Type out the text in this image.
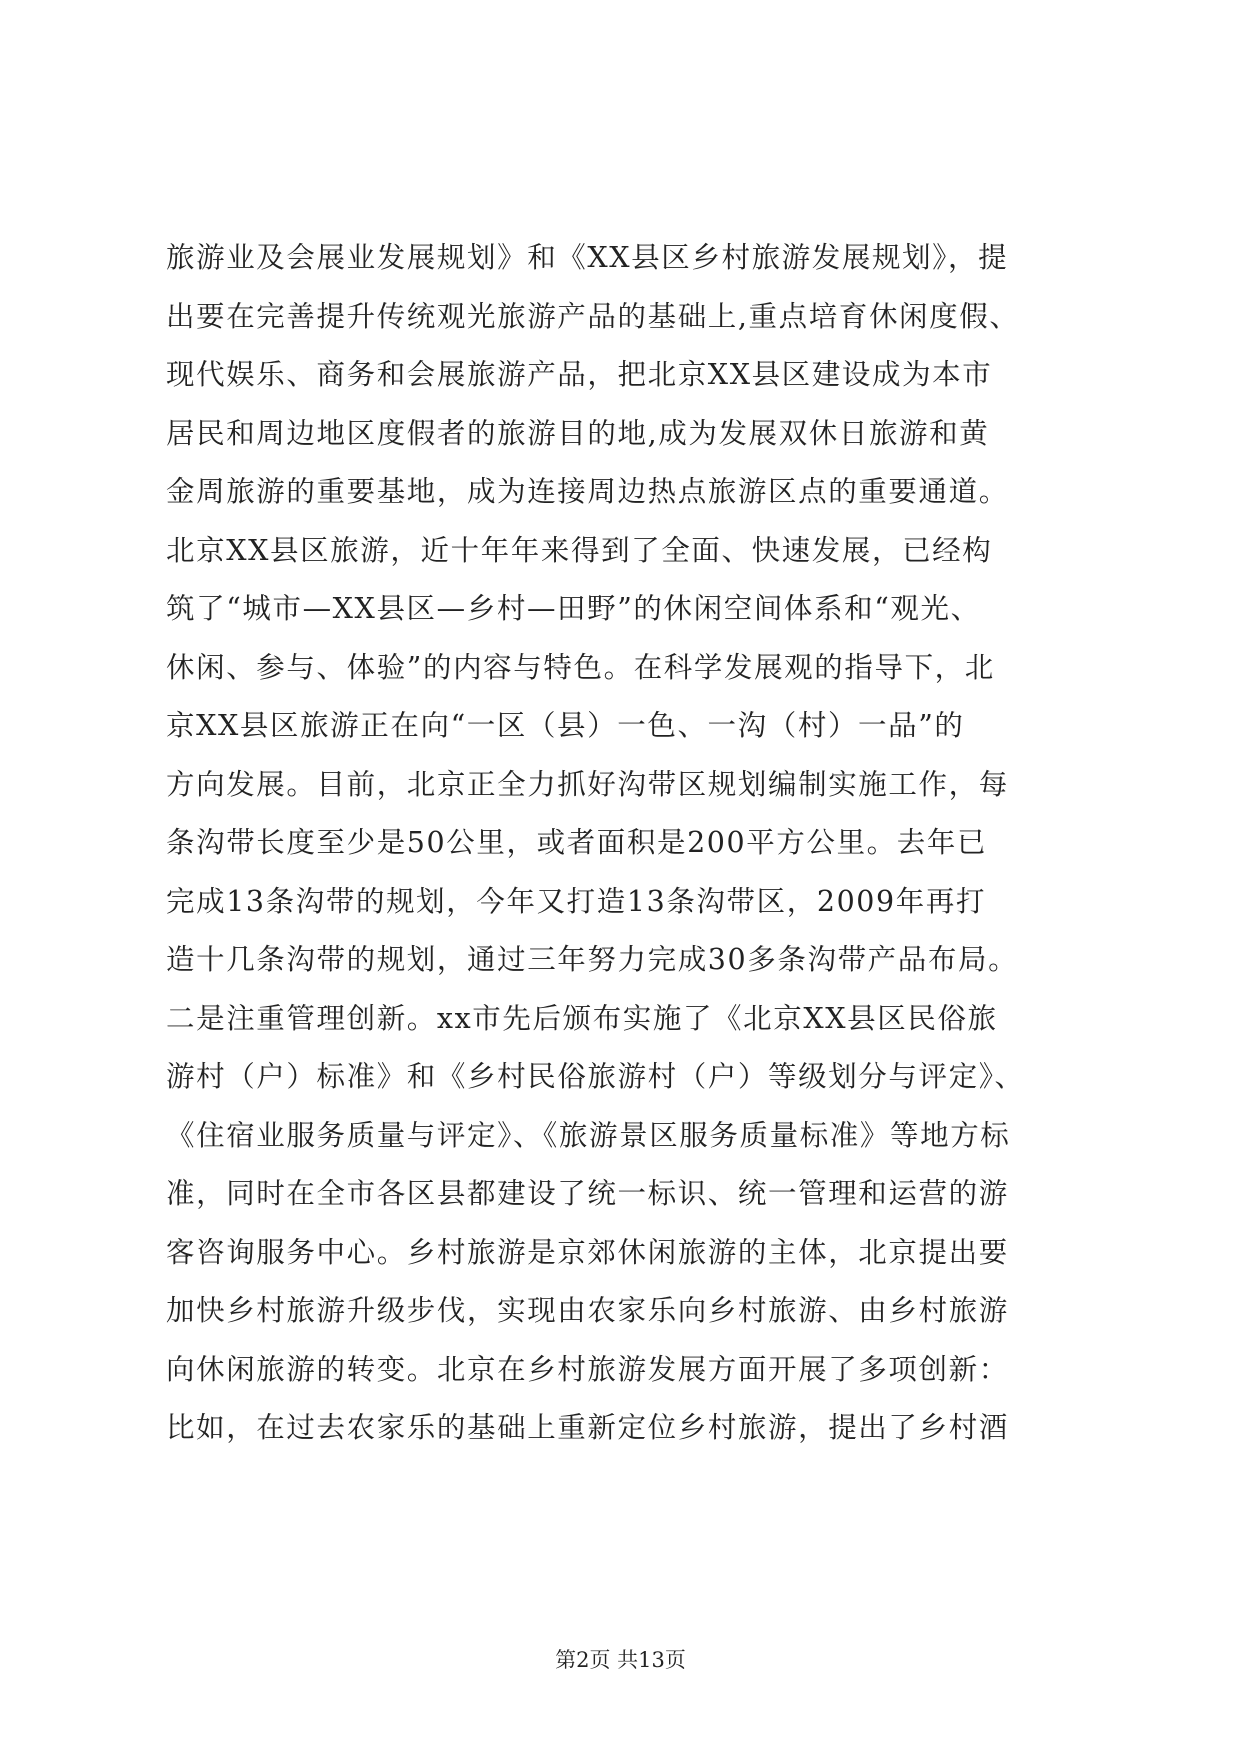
旅游业及会展业发展规划》和《XX县区乡村旅游发展规划》，提
出要在完善提升传统观光旅游产品的基础上,重点培育休闲度假、
现代娱乐、商务和会展旅游产品，把北京XX县区建设成为本市
居民和周边地区度假者的旅游目的地,成为发展双休日旅游和黄
金周旅游的重要基地，成为连接周边热点旅游区点的重要通道。
北京XX县区旅游，近十年年来得到了全面、快速发展，已经构
筑了“城市—XX县区—乡村—田野”的休闲空间体系和“观光、
休闲、参与、体验”的内容与特色。在科学发展观的指导下，北
京XX县区旅游正在向“一区（县）一色、一沟（村）一品”的
方向发展。目前，北京正全力抓好沟带区规划编制实施工作，每
条沟带长度至少是50公里，或者面积是200平方公里。去年已
完成13条沟带的规划，今年又打造13条沟带区，2009年再打
造十几条沟带的规划，通过三年努力完成30多条沟带产品布局。
二是注重管理创新。xx市先后颁布实施了《北京XX县区民俗旅
游村（户）标准》和《乡村民俗旅游村（户）等级划分与评定》、
《住宿业服务质量与评定》、《旅游景区服务质量标准》等地方标
准，同时在全市各区县都建设了统一标识、统一管理和运营的游
客咨询服务中心。乡村旅游是京郊休闲旅游的主体，北京提出要
加快乡村旅游升级步伐，实现由农家乐向乡村旅游、由乡村旅游
向休闲旅游的转变。北京在乡村旅游发展方面开展了多项创新：
比如，在过去农家乐的基础上重新定位乡村旅游，提出了乡村酒
第2页 共13页
